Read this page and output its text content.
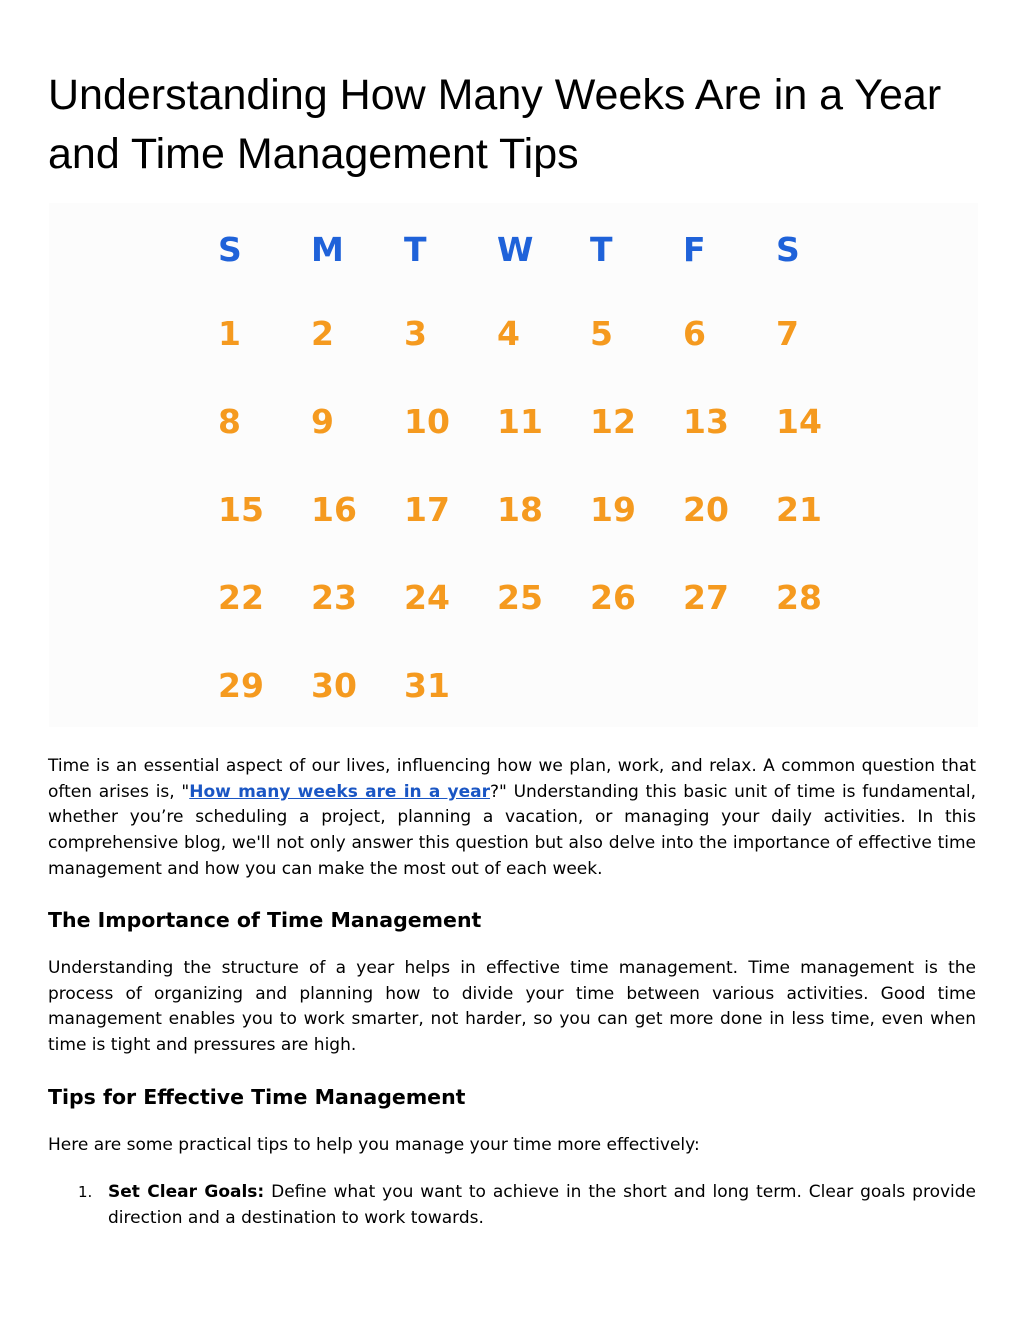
Understanding How Many Weeks Are in a Year and Time Management Tips
S	M	T	W	T	F	S
1	2	3	4	5	6	7
8	9	10	11	12	13	14
15	16	17	18	19	20	21
22	23	24	25	26	27	28
29	30	31

Time is an essential aspect of our lives, influencing how we plan, work, and relax. A common question that often arises is, "How many weeks are in a year?" Understanding this basic unit of time is fundamental, whether you’re scheduling a project, planning a vacation, or managing your daily activities. In this comprehensive blog, we'll not only answer this question but also delve into the importance of effective time management and how you can make the most out of each week.

The Importance of Time Management

Understanding the structure of a year helps in effective time management. Time management is the process of organizing and planning how to divide your time between various activities. Good time management enables you to work smarter, not harder, so you can get more done in less time, even when time is tight and pressures are high.

Tips for Effective Time Management

Here are some practical tips to help you manage your time more effectively:

1. Set Clear Goals: Define what you want to achieve in the short and long term. Clear goals provide direction and a destination to work towards.
